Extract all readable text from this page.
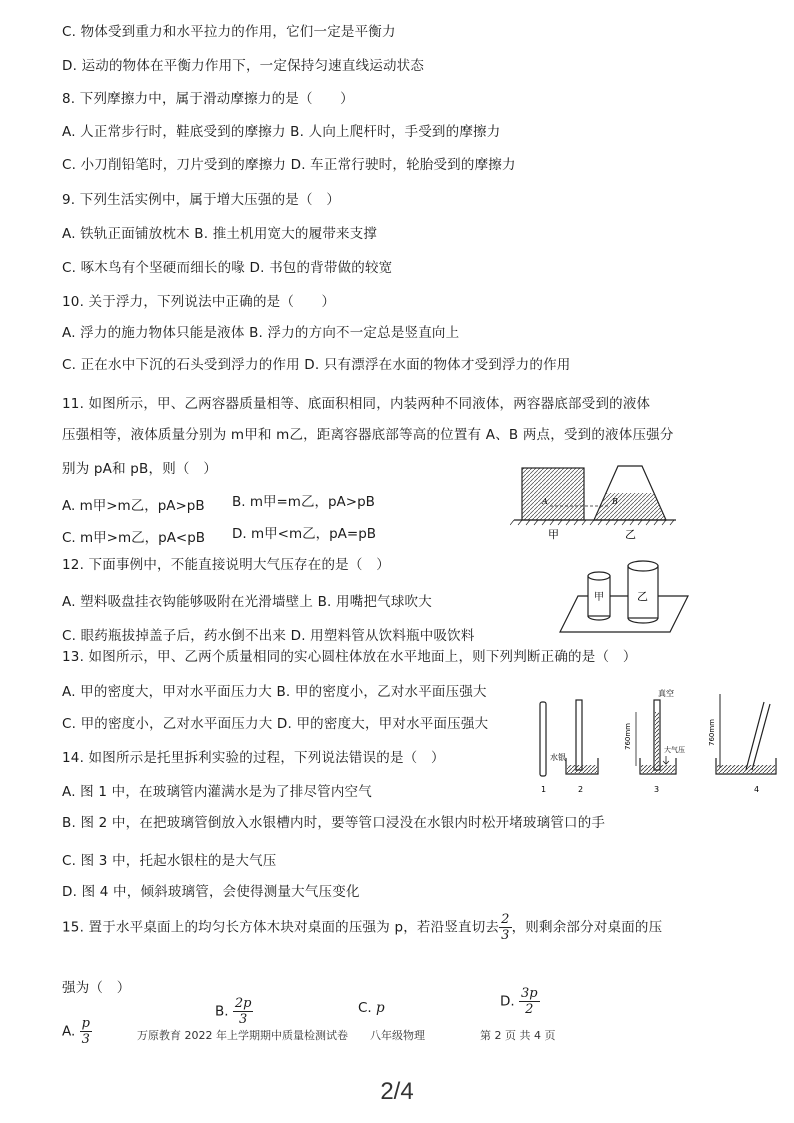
C. 物体受到重力和水平拉力的作用，它们一定是平衡力
D. 运动的物体在平衡力作用下，一定保持匀速直线运动状态
8. 下列摩擦力中，属于滑动摩擦力的是（　　）
A. 人正常步行时，鞋底受到的摩擦力 B. 人向上爬杆时，手受到的摩擦力
C. 小刀削铅笔时，刀片受到的摩擦力 D. 车正常行驶时，轮胎受到的摩擦力
9. 下列生活实例中，属于增大压强的是（　）
A. 铁轨正面铺放枕木 B. 推土机用宽大的履带来支撑
C. 啄木鸟有个坚硬而细长的喙 D. 书包的背带做的较宽
10. 关于浮力，下列说法中正确的是（　　）
A. 浮力的施力物体只能是液体 B. 浮力的方向不一定总是竖直向上
C. 正在水中下沉的石头受到浮力的作用 D. 只有漂浮在水面的物体才受到浮力的作用
11. 如图所示，甲、乙两容器质量相等、底面积相同，内装两种不同液体，两容器底部受到的液体
压强相等，液体质量分别为 m甲和 m乙，距离容器底部等高的位置有 A、B 两点，受到的液体压强分
别为 pA和 pB，则（　）
A. m甲>m乙，pA>pB B. m甲=m乙，pA>pB
C. m甲>m乙，pA<pB D. m甲<m乙，pA=pB
12. 下面事例中，不能直接说明大气压存在的是（　）
A. 塑料吸盘挂衣钩能够吸附在光滑墙壁上 B. 用嘴把气球吹大
C. 眼药瓶拔掉盖子后，药水倒不出来 D. 用塑料管从饮料瓶中吸饮料
13. 如图所示，甲、乙两个质量相同的实心圆柱体放在水平地面上，则下列判断正确的是（　）
A. 甲的密度大，甲对水平面压力大 B. 甲的密度小，乙对水平面压强大
C. 甲的密度小，乙对水平面压力大 D. 甲的密度大，甲对水平面压强大
14. 如图所示是托里拆利实验的过程，下列说法错误的是（　）
A. 图 1 中，在玻璃管内灌满水是为了排尽管内空气
B. 图 2 中，在把玻璃管倒放入水银槽内时，要等管口浸没在水银内时松开堵玻璃管口的手
C. 图 3 中，托起水银柱的是大气压
D. 图 4 中，倾斜玻璃管，会使得测量大气压变化
15. 置于水平桌面上的均匀长方体木块对桌面的压强为 p，若沿竖直切去 $\frac{2}{3}$ ，则剩余部分对桌面的压
强为（　）
A. $\frac{p}{3}$
B. $\frac{2p}{3}$	C. p	D. $\frac{3p}{2}$
万原教育 2022 年上学期期中质量检测试卷　　八年级物理　　　　　第 2 页 共 4 页
2/4
甲	乙
A	B
甲	乙
1	2
水银
760mm
真空
大气压
3
760mm
4
